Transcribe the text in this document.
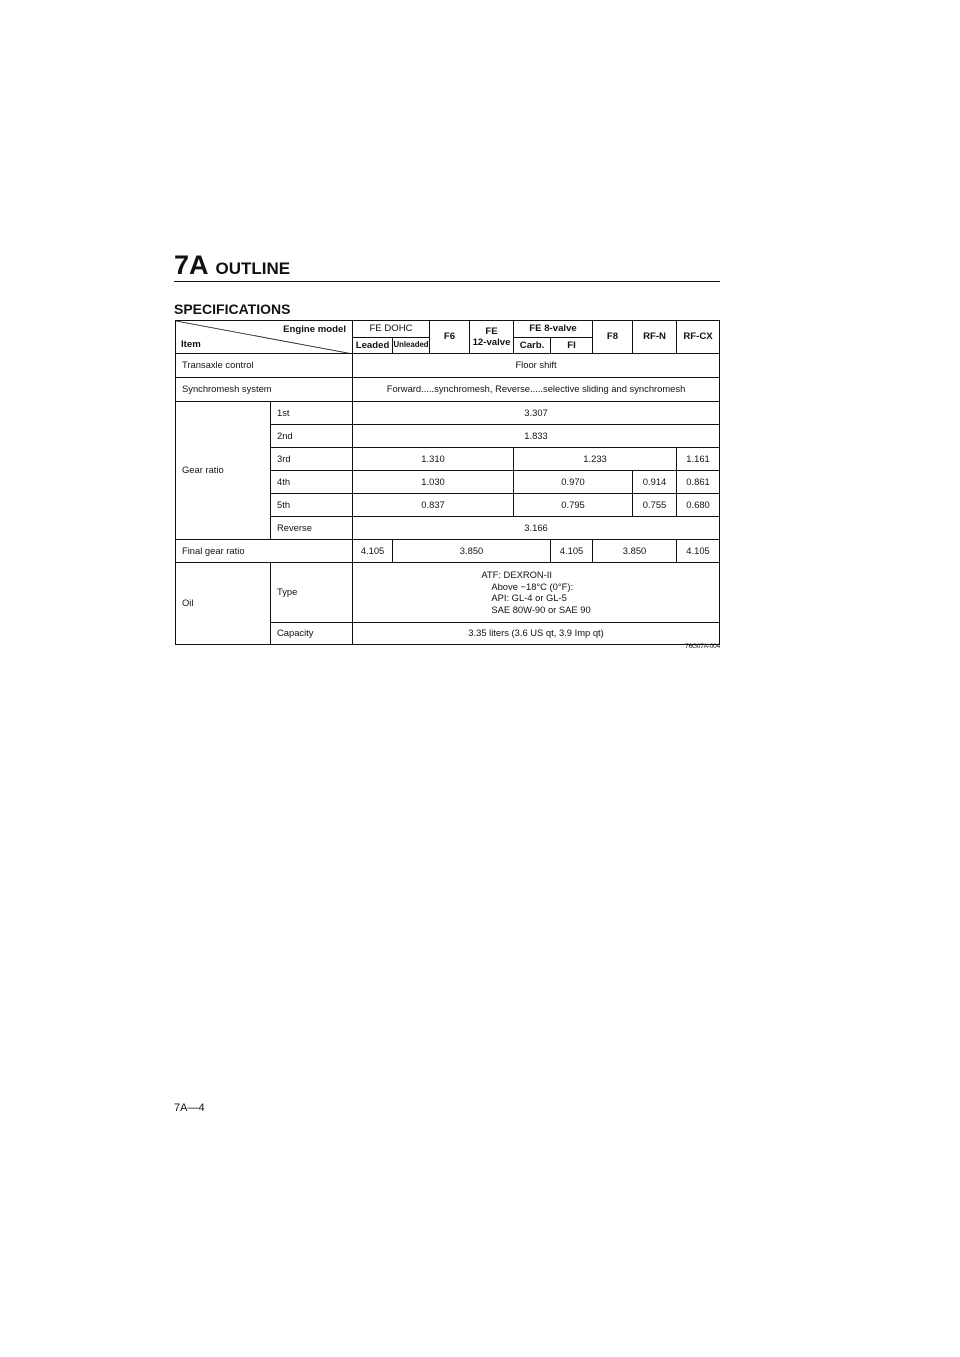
7A OUTLINE
SPECIFICATIONS
Engine model
Item		FE DOHC		F6	FE
12-valve	FE 8-valve		F8	RF-N	RF-CX
		Leaded	Unleaded			Carb.	FI			
Transaxle control		Floor shift								
Synchromesh system		Forward.....synchromesh, Reverse.....selective sliding and synchromesh								
Gear ratio	1st	3.307								
	2nd	1.833								
	3rd	1.310				1.233				1.161
	4th	1.030				0.970			0.914	0.861
	5th	0.837				0.795			0.755	0.680
	Reverse	3.166								
Final gear ratio		4.105	3.850				4.105	3.850		4.105
Oil	Type	ATF: DEXRON-II
Above −18°C (0°F):
API: GL-4 or GL-5
SAE 80W-90 or SAE 90								

	Capacity	3.35 liters (3.6 US qt, 3.9 Imp qt)								
76G07A-004
7A—4
